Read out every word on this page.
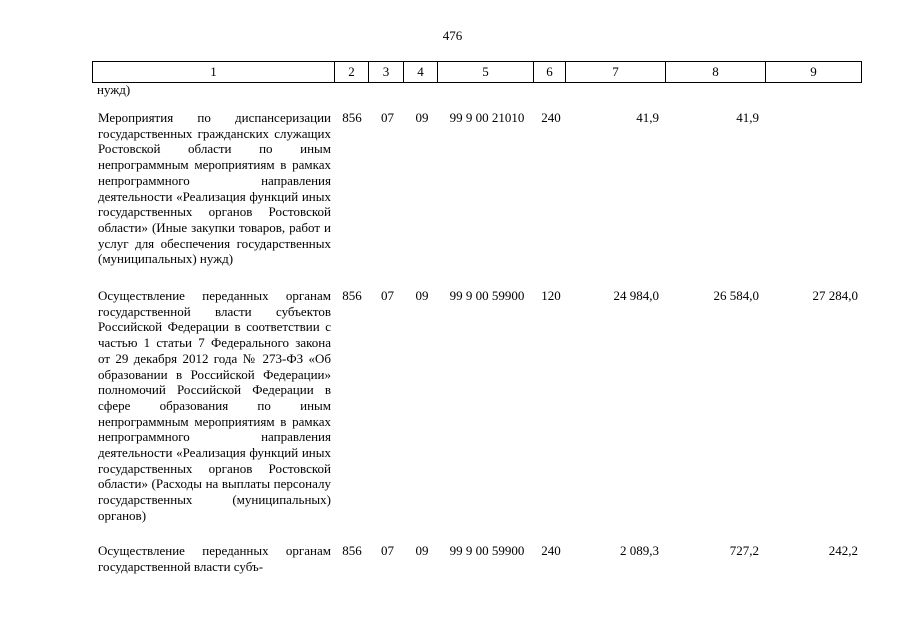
476
1	2	3	4	5	6	7	8	9
нужд)
Мероприятия по диспансеризации государственных гражданских служащих Ростовской области по иным непрограммным мероприятиям в рамках непрограммного направления деятельности «Реализация функций иных государственных органов Ростовской области» (Иные закупки товаров, работ и услуг для обеспечения государственных (муниципальных) нужд)
856	07	09	99 9 00 21010	240	41,9	41,9
Осуществление переданных органам государственной власти субъектов Российской Федерации в соответствии с частью 1 статьи 7 Федерального закона от 29 декабря 2012 года № 273-ФЗ «Об образовании в Российской Федерации» полномочий Российской Федерации в сфере образования по иным непрограммным мероприятиям в рамках непрограммного направления деятельности «Реализация функций иных государственных органов Ростовской области» (Расходы на выплаты персоналу государственных (муниципальных) органов)
856	07	09	99 9 00 59900	120	24 984,0	26 584,0	27 284,0
Осуществление переданных органам государственной власти субъ-
856	07	09	99 9 00 59900	240	2 089,3	727,2	242,2
